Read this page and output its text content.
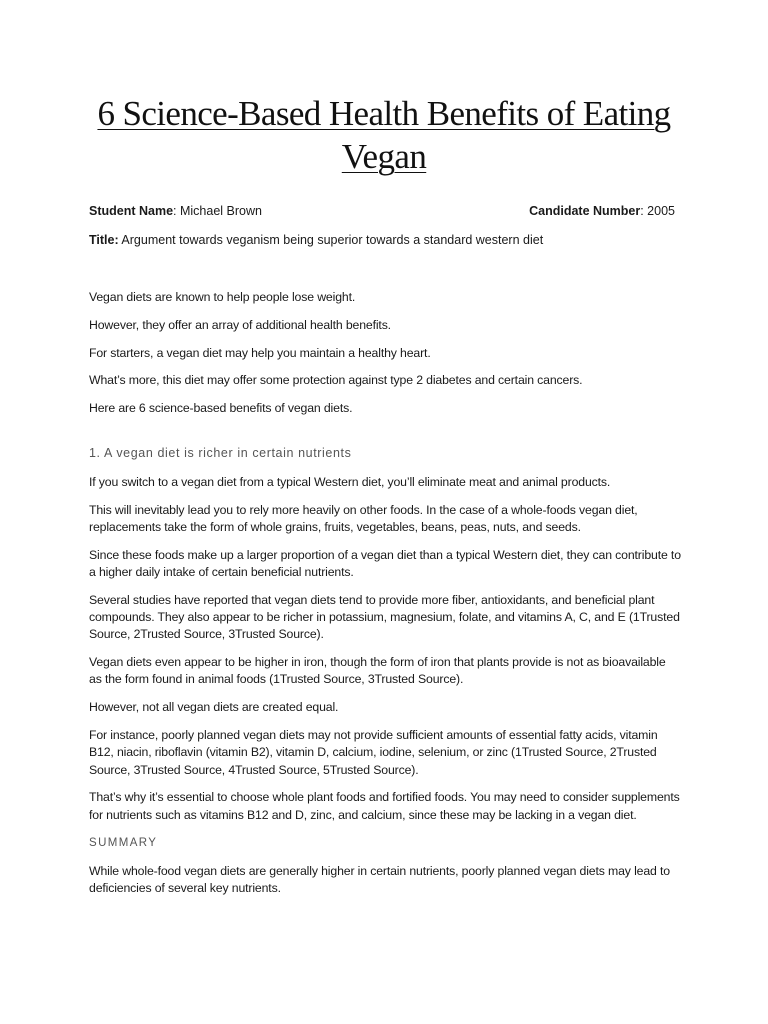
6 Science-Based Health Benefits of Eating
Vegan
Student Name: Michael Brown	Candidate Number: 2005
Title: Argument towards veganism being superior towards a standard western diet

Vegan diets are known to help people lose weight.

However, they offer an array of additional health benefits.

For starters, a vegan diet may help you maintain a healthy heart.

What’s more, this diet may offer some protection against type 2 diabetes and certain cancers.

Here are 6 science-based benefits of vegan diets.

1. A vegan diet is richer in certain nutrients

If you switch to a vegan diet from a typical Western diet, you’ll eliminate meat and animal products.

This will inevitably lead you to rely more heavily on other foods. In the case of a whole-foods vegan diet, replacements take the form of whole grains, fruits, vegetables, beans, peas, nuts, and seeds.

Since these foods make up a larger proportion of a vegan diet than a typical Western diet, they can contribute to a higher daily intake of certain beneficial nutrients.

Several studies have reported that vegan diets tend to provide more fiber, antioxidants, and beneficial plant compounds. They also appear to be richer in potassium, magnesium, folate, and vitamins A, C, and E (1Trusted Source, 2Trusted Source, 3Trusted Source).

Vegan diets even appear to be higher in iron, though the form of iron that plants provide is not as bioavailable as the form found in animal foods (1Trusted Source, 3Trusted Source).

However, not all vegan diets are created equal.

For instance, poorly planned vegan diets may not provide sufficient amounts of essential fatty acids, vitamin B12, niacin, riboflavin (vitamin B2), vitamin D, calcium, iodine, selenium, or zinc (1Trusted Source, 2Trusted Source, 3Trusted Source, 4Trusted Source, 5Trusted Source).

That’s why it’s essential to choose whole plant foods and fortified foods. You may need to consider supplements for nutrients such as vitamins B12 and D, zinc, and calcium, since these may be lacking in a vegan diet.

SUMMARY

While whole-food vegan diets are generally higher in certain nutrients, poorly planned vegan diets may lead to deficiencies of several key nutrients.
